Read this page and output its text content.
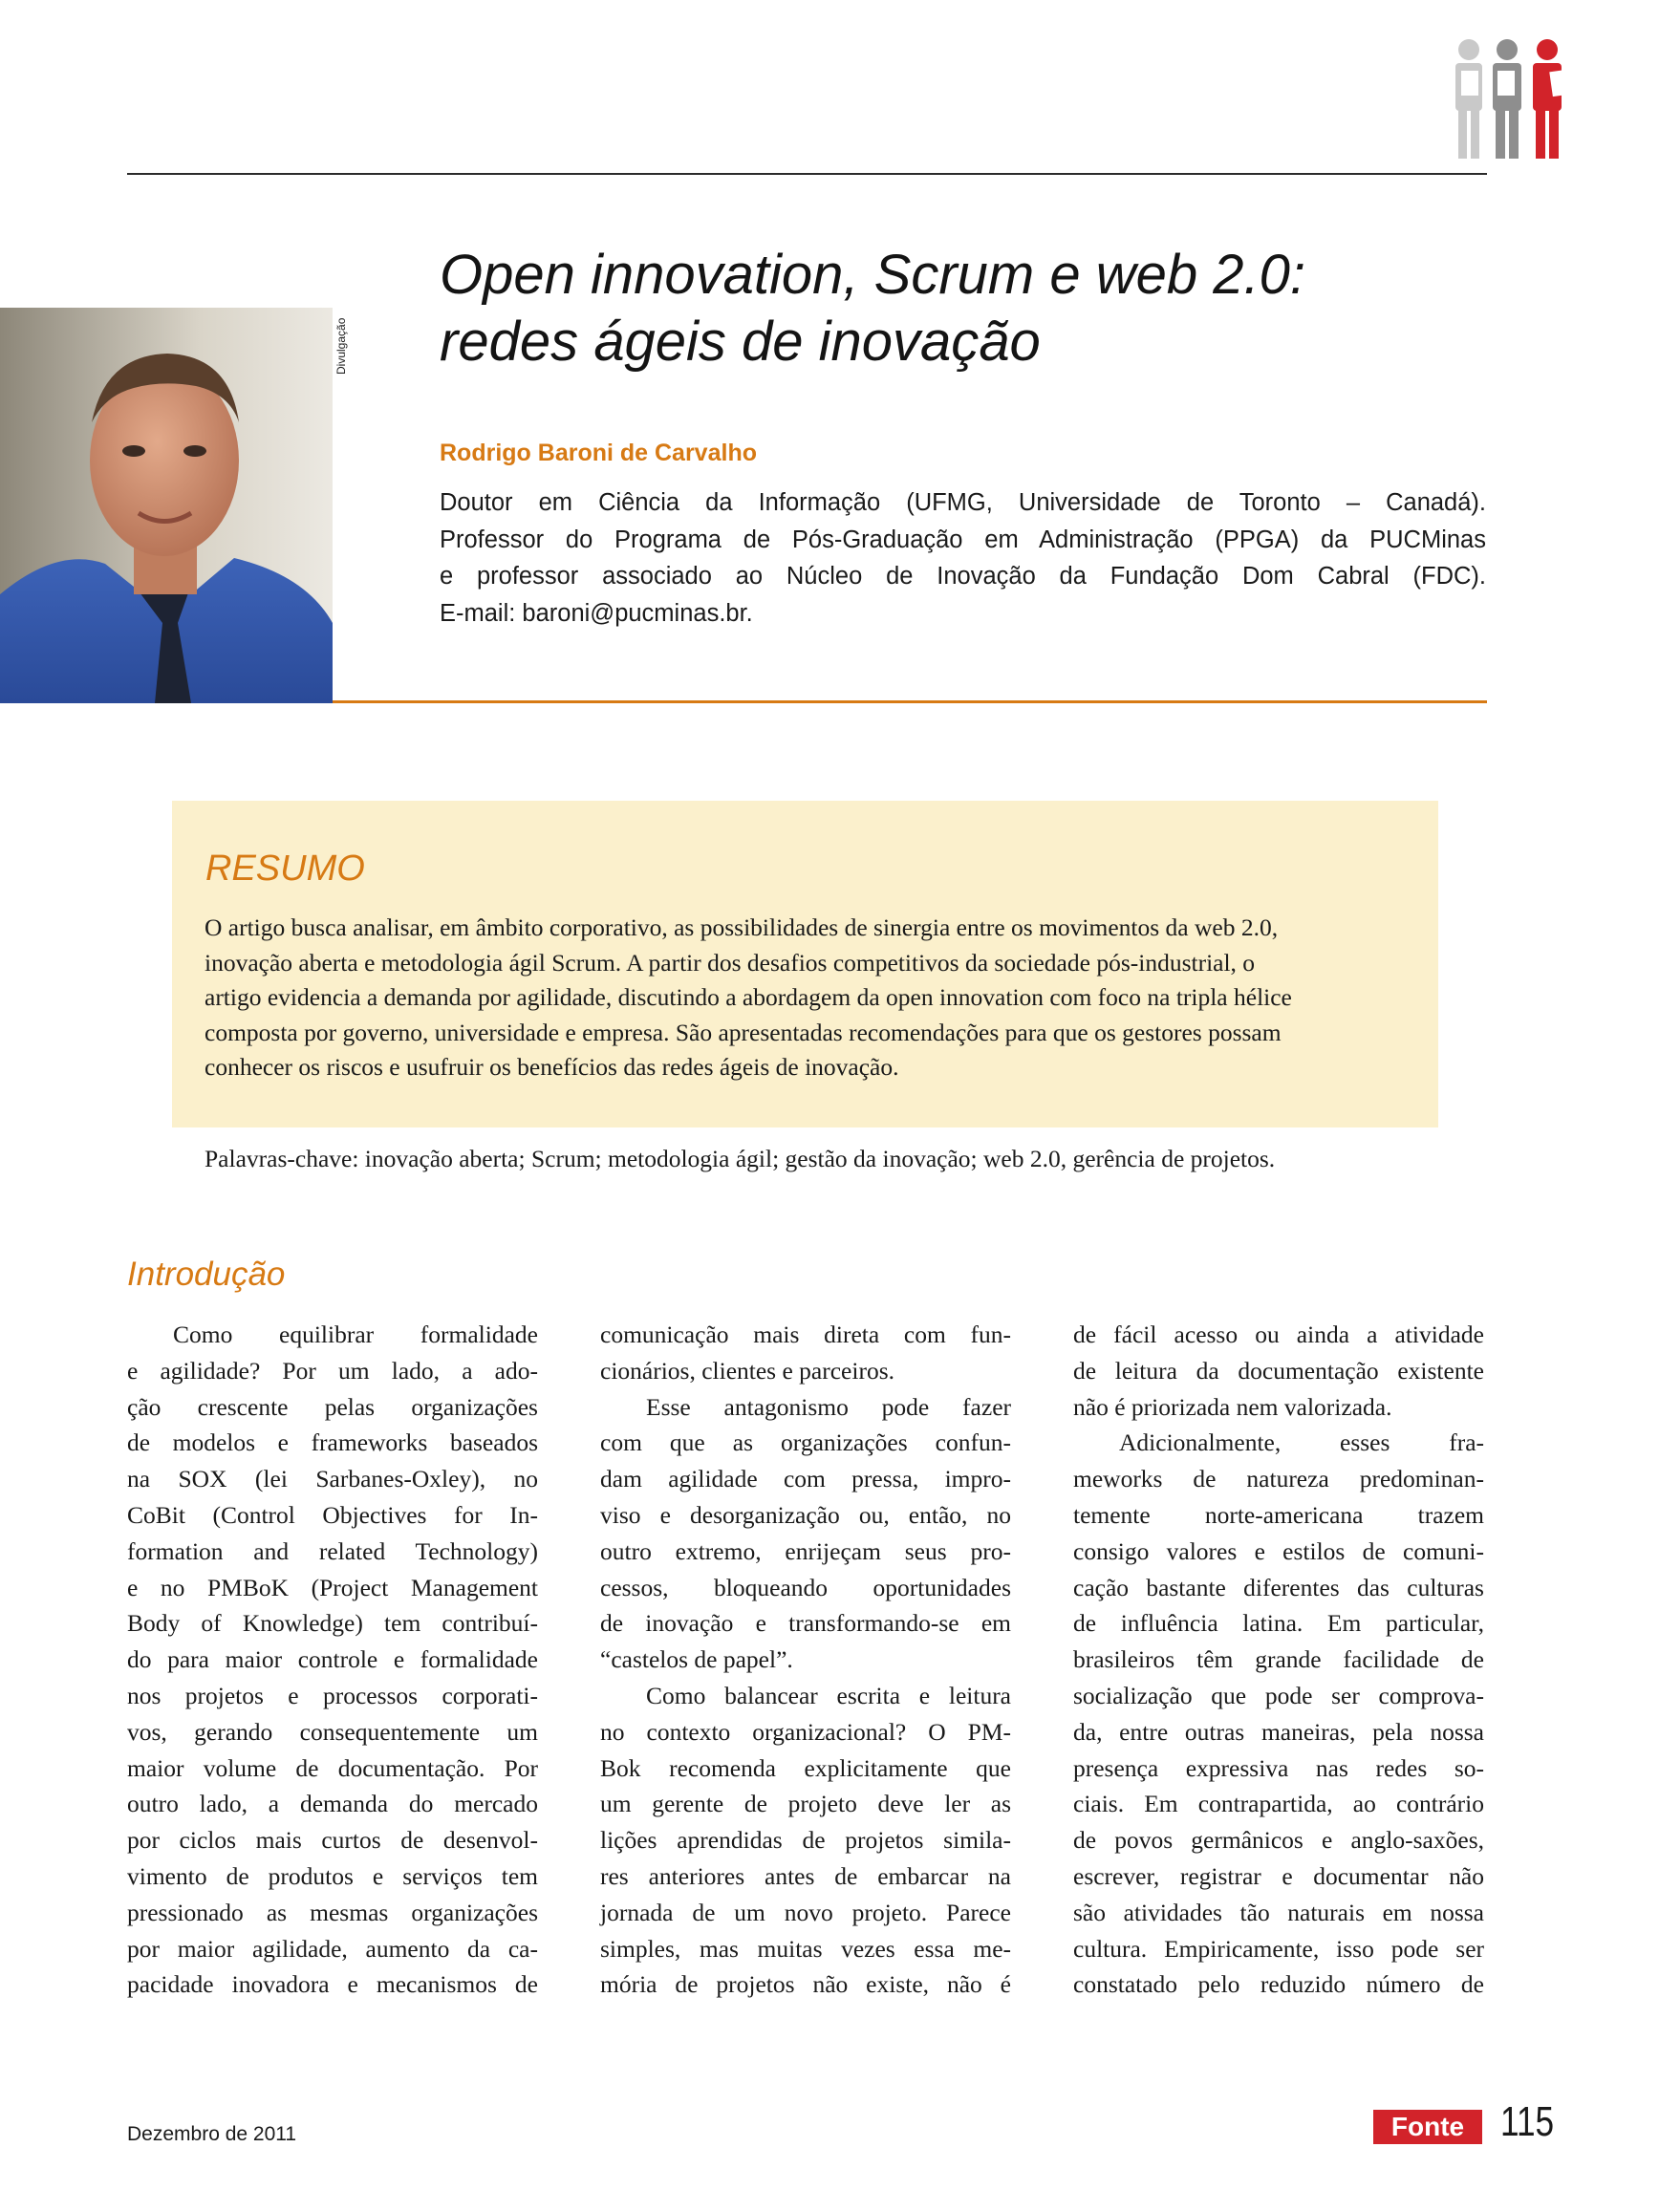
Divulgação
Open innovation, Scrum e web 2.0:
redes ágeis de inovação
Rodrigo Baroni de Carvalho
Doutor em Ciência da Informação (UFMG, Universidade de Toronto – Canadá).
Professor do Programa de Pós-Graduação em Administração (PPGA) da PUCMinas
e professor associado ao Núcleo de Inovação da Fundação Dom Cabral (FDC).
E-mail: baroni@pucminas.br.
RESUMO
O artigo busca analisar, em âmbito corporativo, as possibilidades de sinergia entre os movimentos da web 2.0,
inovação aberta e metodologia ágil Scrum. A partir dos desafios competitivos da sociedade pós-industrial, o
artigo evidencia a demanda por agilidade, discutindo a abordagem da open innovation com foco na tripla hélice
composta por governo, universidade e empresa. São apresentadas recomendações para que os gestores possam
conhecer os riscos e usufruir os benefícios das redes ágeis de inovação.
Palavras-chave: inovação aberta; Scrum; metodologia ágil; gestão da inovação; web 2.0, gerência de projetos.
Introdução
Como equilibrar formalidade
e agilidade? Por um lado, a ado-
ção crescente pelas organizações
de modelos e frameworks baseados
na SOX (lei Sarbanes-Oxley), no
CoBit (Control Objectives for In-
formation and related Technology)
e no PMBoK (Project Management
Body of Knowledge) tem contribuí-
do para maior controle e formalidade
nos projetos e processos corporati-
vos, gerando consequentemente um
maior volume de documentação. Por
outro lado, a demanda do mercado
por ciclos mais curtos de desenvol-
vimento de produtos e serviços tem
pressionado as mesmas organizações
por maior agilidade, aumento da ca-
pacidade inovadora e mecanismos de
comunicação mais direta com fun-
cionários, clientes e parceiros.
Esse antagonismo pode fazer
com que as organizações confun-
dam agilidade com pressa, impro-
viso e desorganização ou, então, no
outro extremo, enrijeçam seus pro-
cessos, bloqueando oportunidades
de inovação e transformando-se em
“castelos de papel”.
Como balancear escrita e leitura
no contexto organizacional? O PM-
Bok recomenda explicitamente que
um gerente de projeto deve ler as
lições aprendidas de projetos simila-
res anteriores antes de embarcar na
jornada de um novo projeto. Parece
simples, mas muitas vezes essa me-
mória de projetos não existe, não é
de fácil acesso ou ainda a atividade
de leitura da documentação existente
não é priorizada nem valorizada.
Adicionalmente, esses fra-
meworks de natureza predominan-
temente norte-americana trazem
consigo valores e estilos de comuni-
cação bastante diferentes das culturas
de influência latina. Em particular,
brasileiros têm grande facilidade de
socialização que pode ser comprova-
da, entre outras maneiras, pela nossa
presença expressiva nas redes so-
ciais. Em contrapartida, ao contrário
de povos germânicos e anglo-saxões,
escrever, registrar e documentar não
são atividades tão naturais em nossa
cultura. Empiricamente, isso pode ser
constatado pelo reduzido número de
Dezembro de 2011	Fonte 115
